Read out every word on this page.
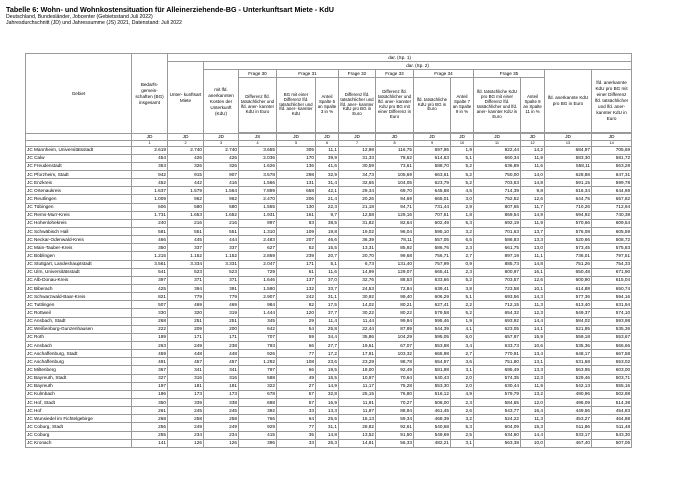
Tabelle 6: Wohn- und Wohnkostensituation für Alleinerziehende-BG - Unterkunftsart Miete - KdU
Deutschland, Bundesländer, Jobcenter (Gebietsstand Juli 2022)
Jahresdurchschnitt (JD) und Jahressumme (JS) 2021, Datenstand: Juli 2022
Gebiet	Bedarfs- gemein- schaften (BG) insgesamt	dar. (Sp. 1)												
		Unter- kunftsart Miete	dar. (Sp. 2)											
			mit lfd. anerkannten Kosten der Unterkunft (KdU)	Frage 30	Frage 31		Frage 32	Frage 33	Frage 34		Frage 35		lfd. anerkannte KdU pro BG in Euro	lfd. anerkannte KdU pro BG mit einer Differenz lfd. tatsächlicher und lfd. aner- kannter KdU in Euro
				Differenz lfd. tatsächlicher und lfd. aner- kannter KdU in Euro	BG mit einer Differenz lfd. tatsächlicher und lfd. aner- kannter KdU	Anteil Spalte 5 an Spalte 3 in %	Differenz lfd. tatsächlicher und lfd. aner- kannter KdU pro BG in Euro	Differenz lfd. tatsächlicher und lfd. aner- kannter KdU pro BG mit einer Differenz in Euro	lfd. tatsächliche KdU pro BG in Euro	Anteil Spalte 7 an Spalte 9 in %	lfd. tatsächliche KdU pro BG mit einer Differenz lfd. tatsächlicher und lfd. aner- kannter KdU in Euro	Anteil Spalte 8 an Spalte 11 in %		

	JD	JD	JD	JS	JD	JD	JD	JD	JD	JD	JD	JD	JD	JD
	1	2	3	4	5	6	7	8	9	10	11	12	13	14
JC Mannheim, Universitätsstadt	2.619	2.740	2.740	3.655	305	11,1	12,98	116,75	697,95	1,9	822,44	14,2	684,97	705,69
JC Calw	454	426	426	2.036	170	39,9	31,33	78,62	614,63	5,1	660,34	11,9	583,30	581,72
JC Freudenstadt	353	326	326	1.626	136	41,6	30,59	73,61	588,70	5,2	636,89	11,6	558,11	563,28
JC Pforzheim, Stadt	942	915	907	3.578	298	32,9	34,73	105,69	663,61	5,2	750,00	14,0	628,88	647,31
JC Enzkreis	452	442	416	1.566	131	31,4	32,65	104,05	623,79	5,2	703,63	14,8	591,15	599,78
JC Ortenaukreis	1.637	1.579	1.564	7.899	658	42,1	29,34	69,70	645,68	4,5	714,39	9,8	616,34	644,69
JC Reutlingen	1.009	962	962	2.470	206	21,4	20,26	94,69	665,01	3,0	752,52	12,6	644,75	657,82
JC Tübingen	606	580	580	1.555	130	22,3	21,18	94,71	731,44	2,9	807,65	11,7	710,26	712,94
JC Rems-Murr-Kreis	1.731	1.653	1.652	1.931	161	9,7	12,58	129,16	707,51	1,8	869,54	14,9	694,92	740,38
JC Hohenlohekreis	240	216	216	997	83	38,5	31,82	82,64	602,49	5,3	692,19	11,9	570,66	609,54
JC Schwäbisch Hall	581	551	551	1.310	109	19,8	19,02	96,04	595,10	3,2	701,63	13,7	576,08	605,59
JC Neckar-Odenwald-Kreis	466	445	444	2.483	207	46,6	36,39	78,11	557,05	6,5	586,83	13,3	520,66	508,72
JC Main-Tauber-Kreis	350	337	337	627	52	15,5	13,31	85,92	586,76	2,3	661,75	13,0	573,45	575,83
JC Böblingen	1.215	1.152	1.152	2.869	239	20,7	20,70	99,68	756,71	2,7	897,19	11,1	736,01	797,51
JC Stuttgart, Landeshauptstadt	3.561	3.334	3.331	2.047	171	5,1	6,73	131,40	757,99	0,9	885,73	14,8	751,26	754,33
JC Ulm, Universitätsstadt	541	523	523	729	61	11,6	14,99	129,07	665,41	2,3	800,97	16,1	650,48	671,90
JC Alb-Donau-Kreis	397	371	371	1.646	137	37,0	32,76	88,53	633,66	5,2	703,57	12,6	600,90	615,04
JC Biberach	425	394	391	1.580	132	33,7	24,53	72,84	639,41	3,8	723,58	10,1	614,88	650,74
JC Schwarzwald-Baar-Kreis	821	779	779	2.907	242	31,1	30,92	99,40	606,29	5,1	693,56	14,3	577,36	594,16
JC Tuttlingen	507	469	469	984	82	17,5	14,02	80,21	627,41	2,2	712,15	11,3	613,40	631,94
JC Rottweil	330	320	319	1.444	120	37,7	30,22	80,22	579,58	5,2	654,32	12,3	549,37	574,10
JC Ansbach, Stadt	268	251	251	345	29	11,4	11,44	99,94	595,46	1,9	693,92	14,4	584,02	593,98
JC Weißenburg-Gunzenhausen	222	209	200	642	54	25,8	22,44	87,89	544,39	4,1	623,05	14,1	521,95	535,36
JC Roth	189	171	171	707	59	34,4	35,86	104,29	595,05	6,0	657,97	15,9	559,18	553,67
JC Ansbach	263	249	238	793	66	27,7	19,61	67,07	553,98	3,4	633,73	10,6	535,36	566,66
JC Aschaffenburg, Stadt	459	448	448	926	77	17,2	17,81	103,32	665,98	2,7	770,91	13,4	648,17	667,58
JC Aschaffenburg	491	457	457	1.292	108	23,6	23,29	98,78	654,97	3,6	751,80	13,1	631,68	653,02
JC Miltenberg	367	341	341	797	66	19,5	18,00	92,49	581,98	3,1	695,49	13,3	563,95	603,00
JC Bayreuth, Stadt	327	316	316	588	49	15,5	10,97	70,64	540,43	2,0	574,35	12,3	529,46	503,71
JC Bayreuth	197	181	181	322	27	14,9	11,17	75,28	553,30	2,0	630,44	11,9	542,13	555,16
JC Kulmbach	196	173	173	678	57	32,8	25,15	76,80	516,12	4,9	579,79	13,2	490,96	502,98
JC Hof, Stadt	350	339	338	688	57	16,9	11,91	70,27	508,00	2,3	584,65	12,0	496,09	514,38
JC Hof	261	245	245	392	33	13,3	11,87	88,94	461,45	2,6	543,77	16,4	449,56	454,83
JC Wunsiedel im Fichtelgebirge	268	258	258	766	64	25,5	15,13	59,34	468,39	3,2	524,22	11,3	453,27	464,88
JC Coburg, Stadt	256	249	249	929	77	31,1	28,82	92,61	540,68	5,3	604,09	15,3	511,86	511,48
JC Coburg	255	234	234	415	35	14,8	13,52	91,50	549,69	2,5	634,60	14,4	533,17	543,30
JC Kronach	141	126	126	396	33	26,3	14,81	56,33	482,21	3,1	563,38	10,0	467,40	507,05
